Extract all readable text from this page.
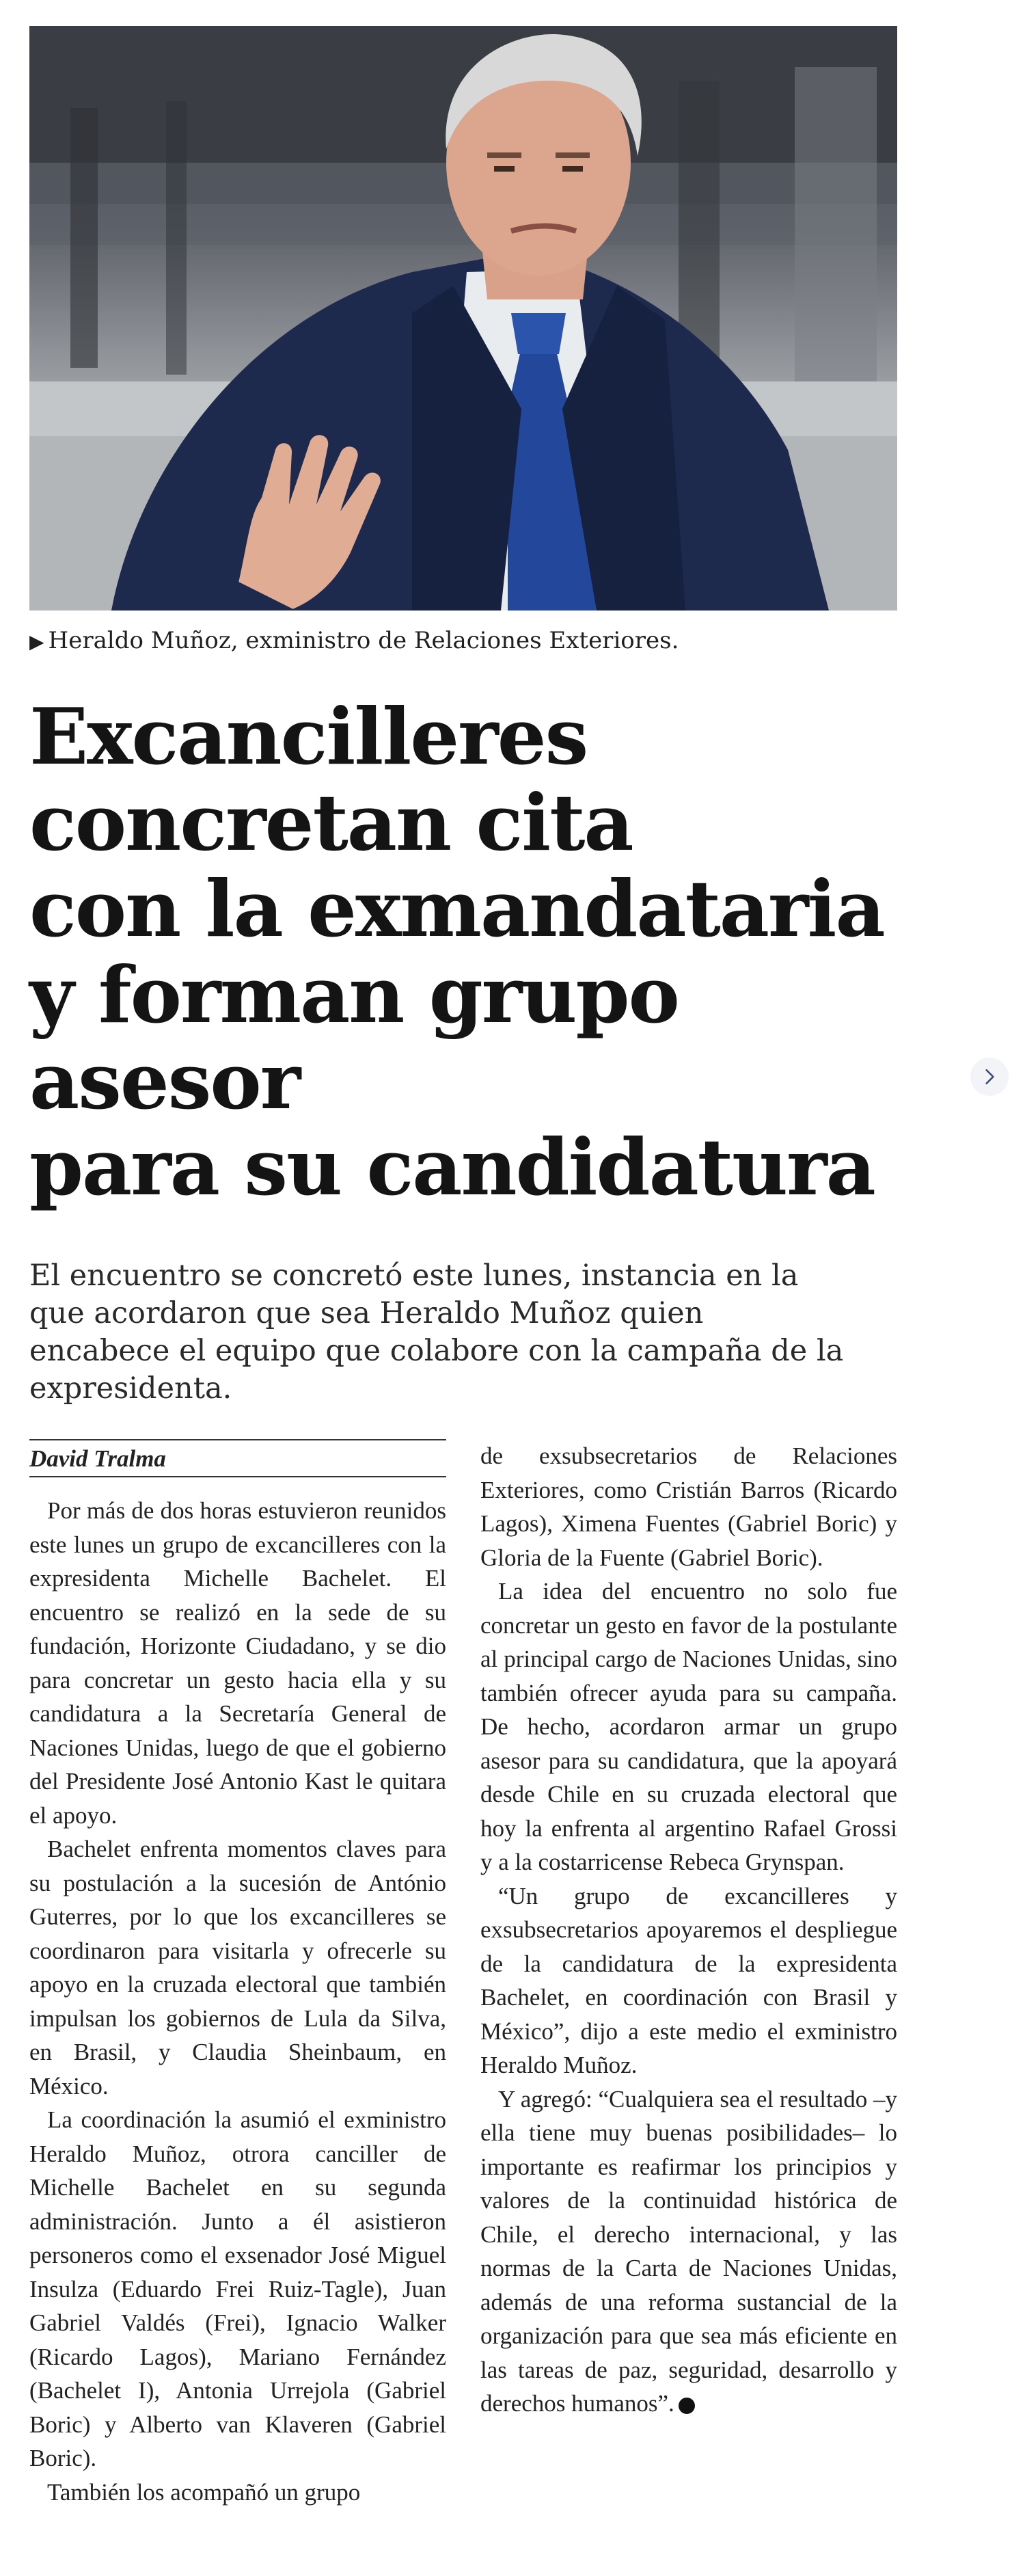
▶ Heraldo Muñoz, exministro de Relaciones Exteriores.
Excancilleres
concretan cita
con la exmandataria
y forman grupo asesor
para su candidatura
El encuentro se concretó este lunes, instancia en la que acordaron que sea Heraldo Muñoz quien encabece el equipo que colabore con la campaña de la expresidenta.
David Tralma

Por más de dos horas estuvieron reunidos este lunes un grupo de excancilleres con la expresidenta Michelle Bachelet. El encuentro se realizó en la sede de su fundación, Horizonte Ciudadano, y se dio para concretar un gesto hacia ella y su candidatura a la Secretaría General de Naciones Unidas, luego de que el gobierno del Presidente José Antonio Kast le quitara el apoyo.

Bachelet enfrenta momentos claves para su postulación a la sucesión de António Guterres, por lo que los excancilleres se coordinaron para visitarla y ofrecerle su apoyo en la cruzada electoral que también impulsan los gobiernos de Lula da Silva, en Brasil, y Claudia Sheinbaum, en México.

La coordinación la asumió el exministro Heraldo Muñoz, otrora canciller de Michelle Bachelet en su segunda administración. Junto a él asistieron personeros como el exsenador José Miguel Insulza (Eduardo Frei Ruiz-Tagle), Juan Gabriel Valdés (Frei), Ignacio Walker (Ricardo Lagos), Mariano Fernández (Bachelet I), Antonia Urrejola (Gabriel Boric) y Alberto van Klaveren (Gabriel Boric).

También los acompañó un grupo

de exsubsecretarios de Relaciones Exteriores, como Cristián Barros (Ricardo Lagos), Ximena Fuentes (Gabriel Boric) y Gloria de la Fuente (Gabriel Boric).

La idea del encuentro no solo fue concretar un gesto en favor de la postulante al principal cargo de Naciones Unidas, sino también ofrecer ayuda para su campaña. De hecho, acordaron armar un grupo asesor para su candidatura, que la apoyará desde Chile en su cruzada electoral que hoy la enfrenta al argentino Rafael Grossi y a la costarricense Rebeca Grynspan.

“Un grupo de excancilleres y exsubsecretarios apoyaremos el despliegue de la candidatura de la expresidenta Bachelet, en coordinación con Brasil y México”, dijo a este medio el exministro Heraldo Muñoz.

Y agregó: “Cualquiera sea el resultado –y ella tiene muy buenas posibilidades– lo importante es reafirmar los principios y valores de la continuidad histórica de Chile, el derecho internacional, y las normas de la Carta de Naciones Unidas, además de una reforma sustancial de la organización para que sea más eficiente en las tareas de paz, seguridad, desarrollo y derechos humanos”.
